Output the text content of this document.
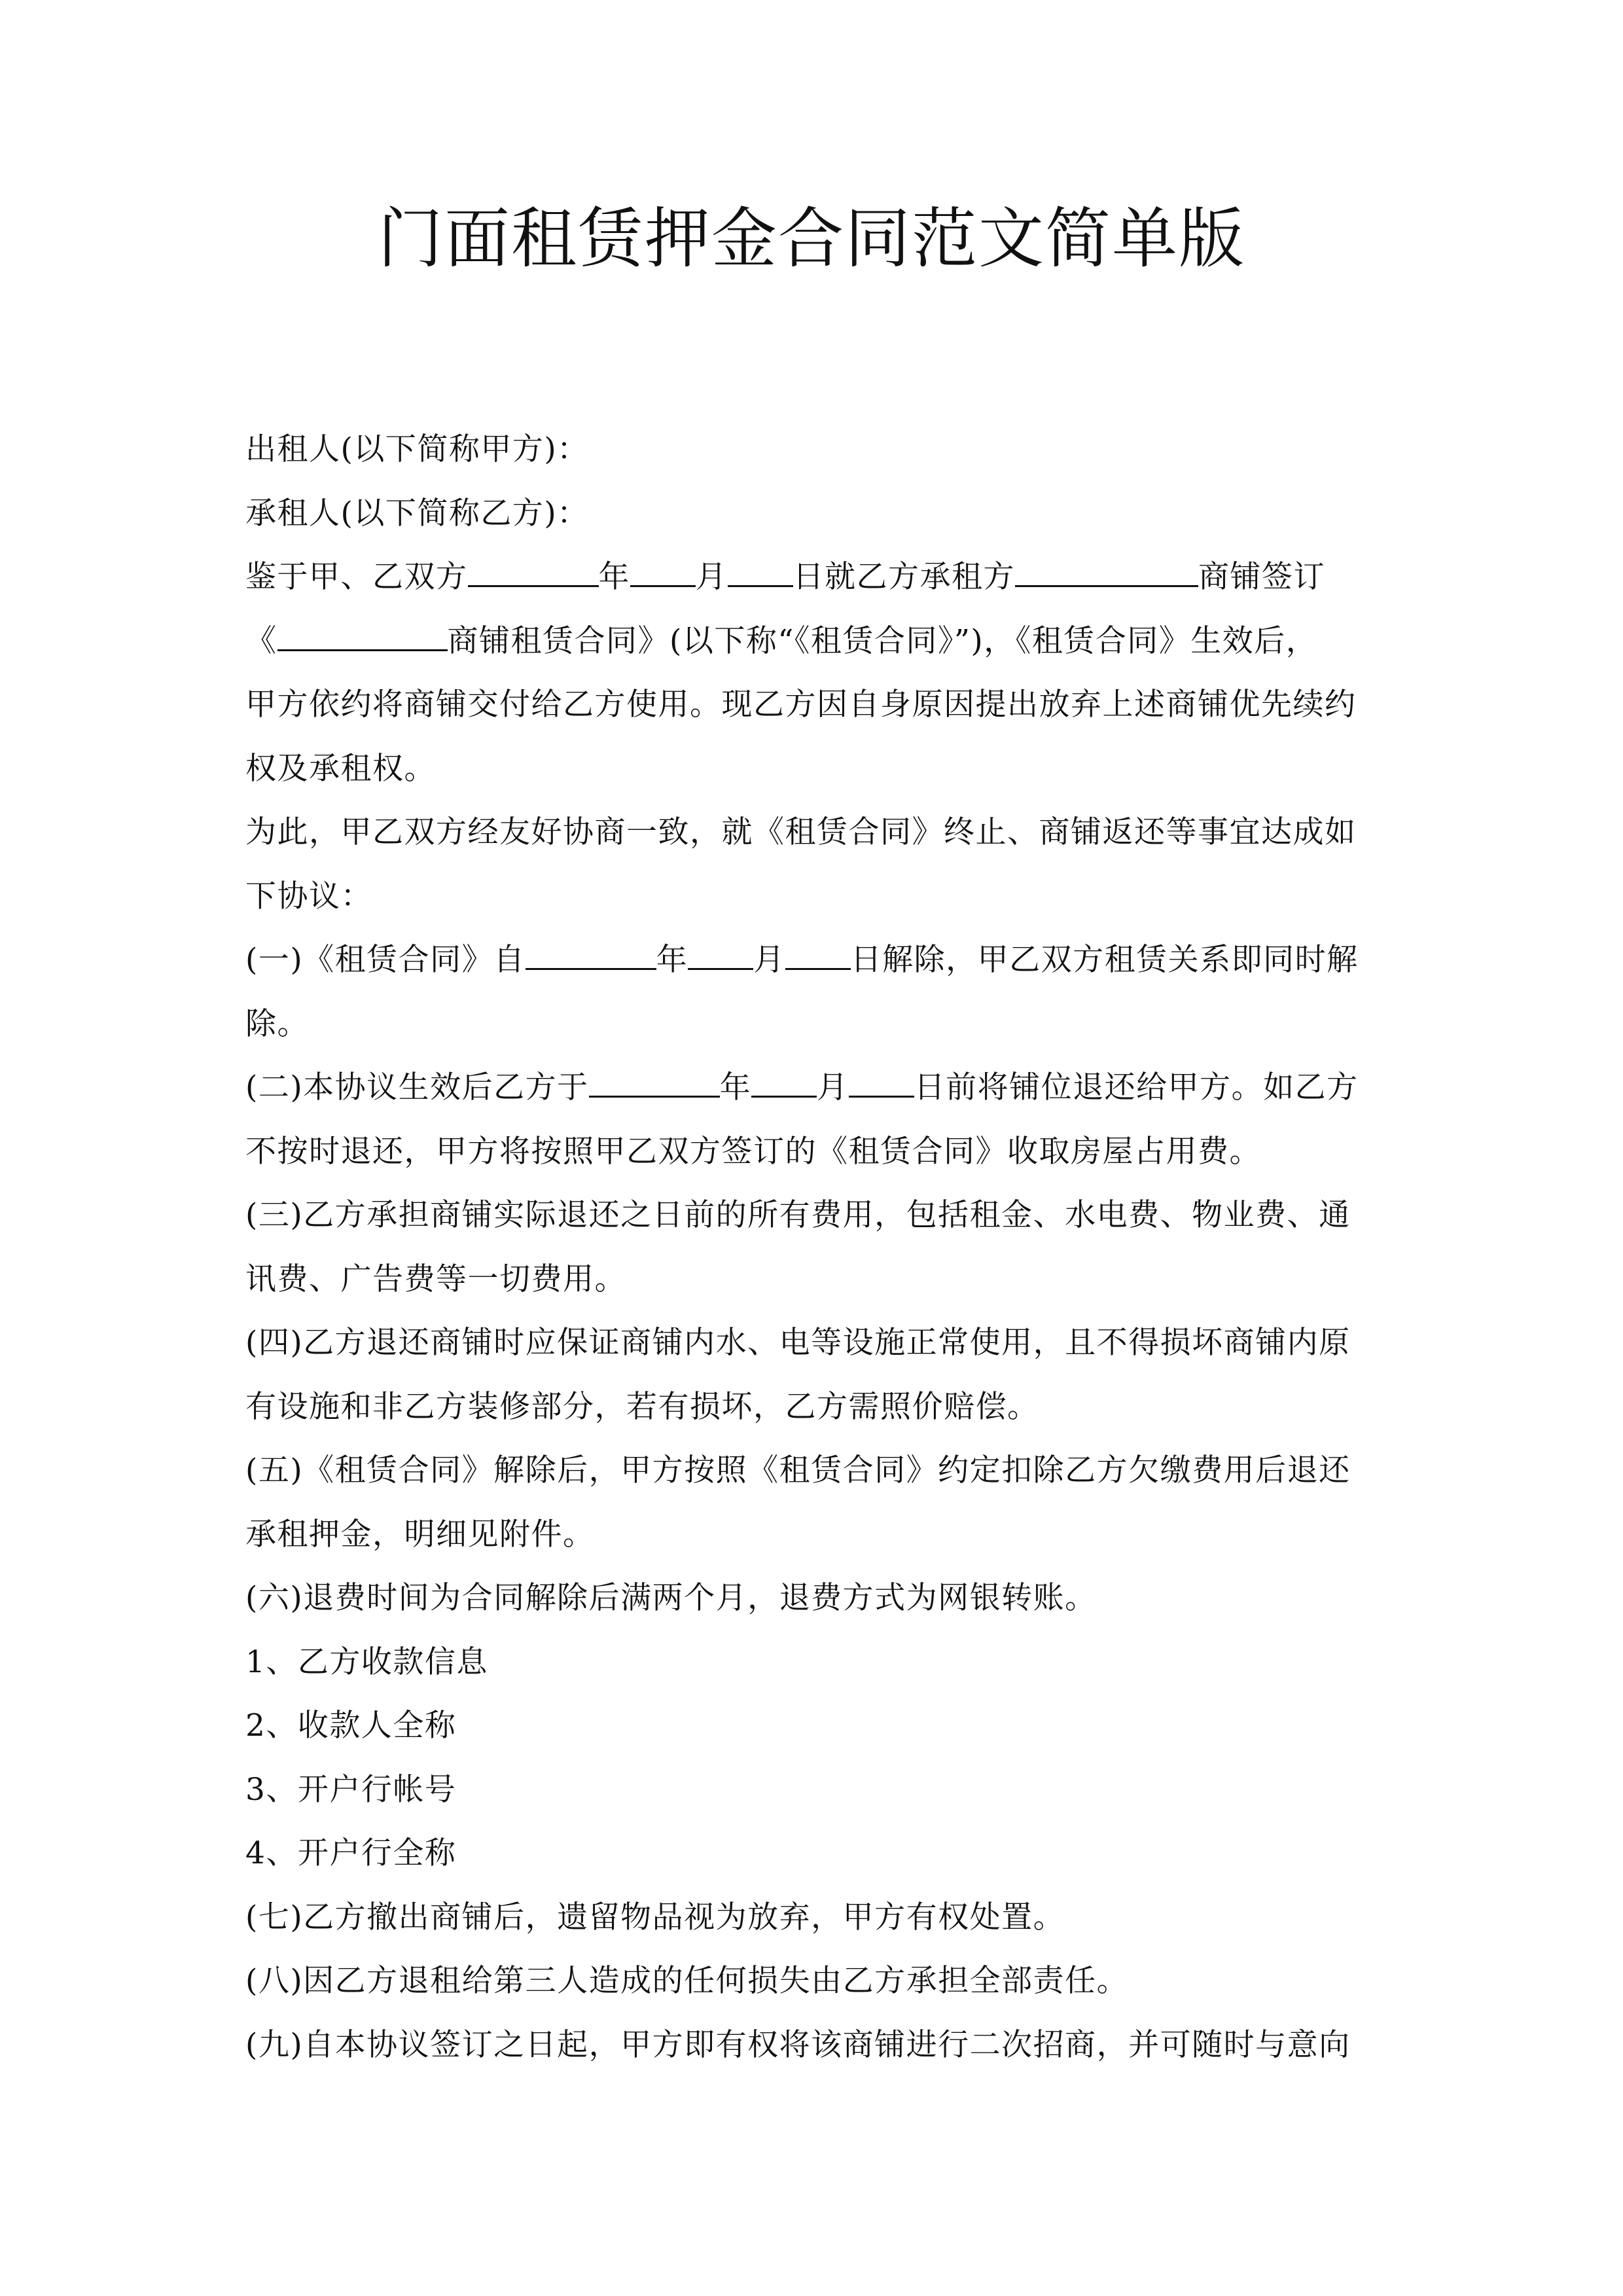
门面租赁押金合同范文简单版
出租人(以下简称甲方)：
承租人(以下简称乙方)：
鉴于甲、乙双方	年 月 日就乙方承租方	商铺签订
《	商铺租赁合同》(以下称“《租赁合同》”)，《租赁合同》生效后，
甲方依约将商铺交付给乙方使用。现乙方因自身原因提出放弃上述商铺优先续约
权及承租权。
为此，甲乙双方经友好协商一致，就《租赁合同》终止、商铺返还等事宜达成如
下协议：
(一)《租赁合同》自	年 月 日解除，甲乙双方租赁关系即同时解
除。
(二)本协议生效后乙方于	年 月 日前将铺位退还给甲方。如乙方
不按时退还，甲方将按照甲乙双方签订的《租赁合同》收取房屋占用费。
(三)乙方承担商铺实际退还之日前的所有费用，包括租金、水电费、物业费、通
讯费、广告费等一切费用。
(四)乙方退还商铺时应保证商铺内水、电等设施正常使用，且不得损坏商铺内原
有设施和非乙方装修部分，若有损坏，乙方需照价赔偿。
(五)《租赁合同》解除后，甲方按照《租赁合同》约定扣除乙方欠缴费用后退还
承租押金，明细见附件。
(六)退费时间为合同解除后满两个月，退费方式为网银转账。
1、乙方收款信息
2、收款人全称
3、开户行帐号
4、开户行全称
(七)乙方撤出商铺后，遗留物品视为放弃，甲方有权处置。
(八)因乙方退租给第三人造成的任何损失由乙方承担全部责任。
(九)自本协议签订之日起，甲方即有权将该商铺进行二次招商，并可随时与意向
